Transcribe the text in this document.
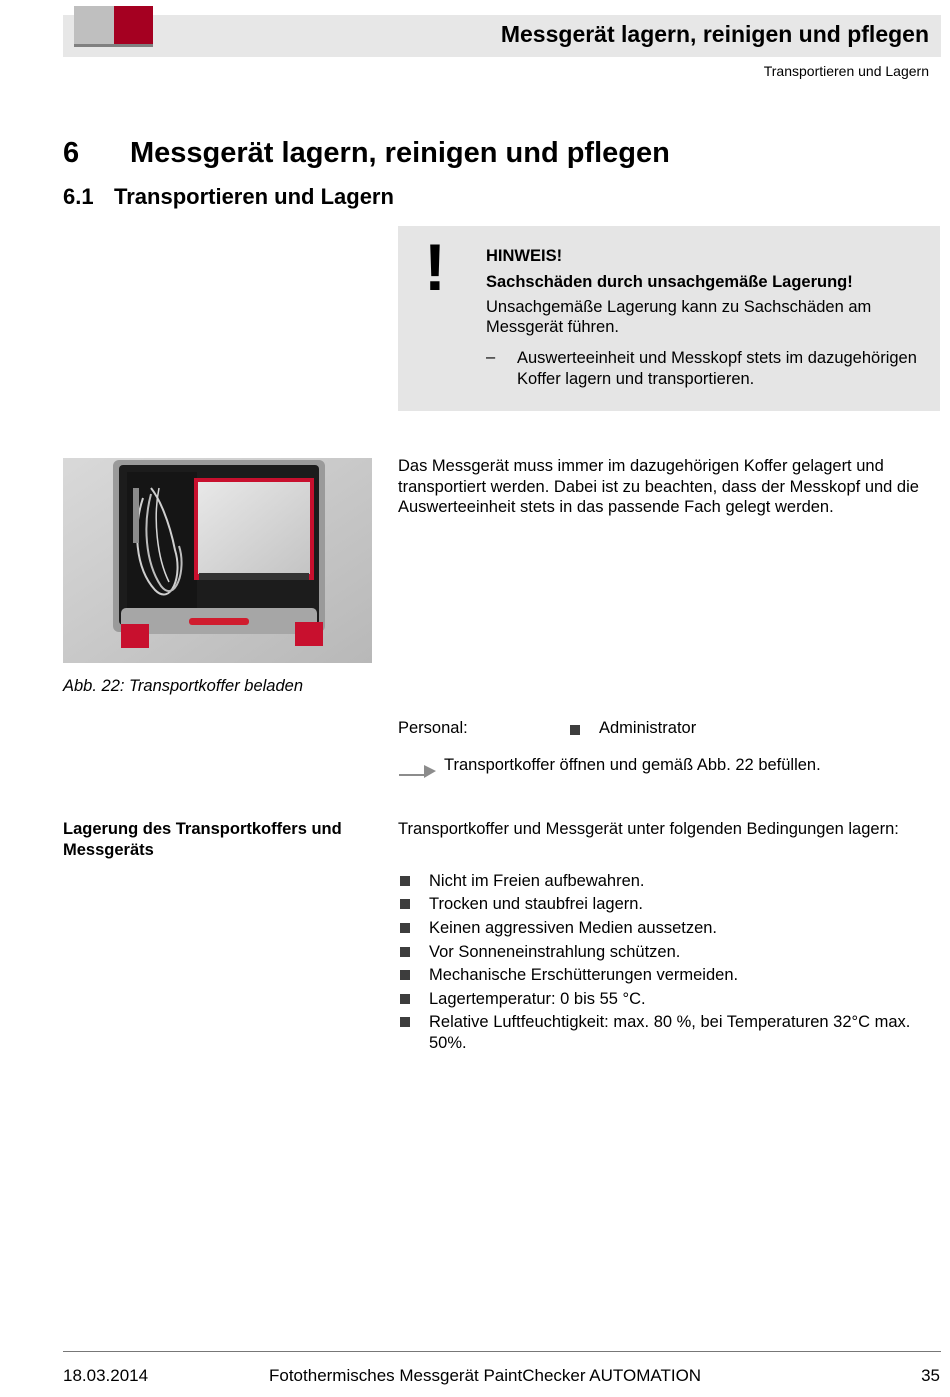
Messgerät lagern, reinigen und pflegen
Transportieren und Lagern
6 Messgerät lagern, reinigen und pflegen
6.1 Transportieren und Lagern
! HINWEIS!
Sachschäden durch unsachgemäße Lagerung!
Unsachgemäße Lagerung kann zu Sachschäden am Messgerät führen.
– Auswerteeinheit und Messkopf stets im dazugehörigen Koffer lagern und transportieren.
Abb. 22: Transportkoffer beladen
Das Messgerät muss immer im dazugehörigen Koffer gelagert und transportiert werden. Dabei ist zu beachten, dass der Messkopf und die Auswerteeinheit stets in das passende Fach gelegt werden.
Personal:	Administrator
Transportkoffer öffnen und gemäß Abb. 22 befüllen.
Lagerung des Transportkoffers und Messgeräts
Transportkoffer und Messgerät unter folgenden Bedingungen lagern:
Nicht im Freien aufbewahren.
Trocken und staubfrei lagern.
Keinen aggressiven Medien aussetzen.
Vor Sonneneinstrahlung schützen.
Mechanische Erschütterungen vermeiden.
Lagertemperatur: 0 bis 55 °C.
Relative Luftfeuchtigkeit: max. 80 %, bei Temperaturen 32°C max. 50%.
18.03.2014	Fotothermisches Messgerät PaintChecker AUTOMATION	35
